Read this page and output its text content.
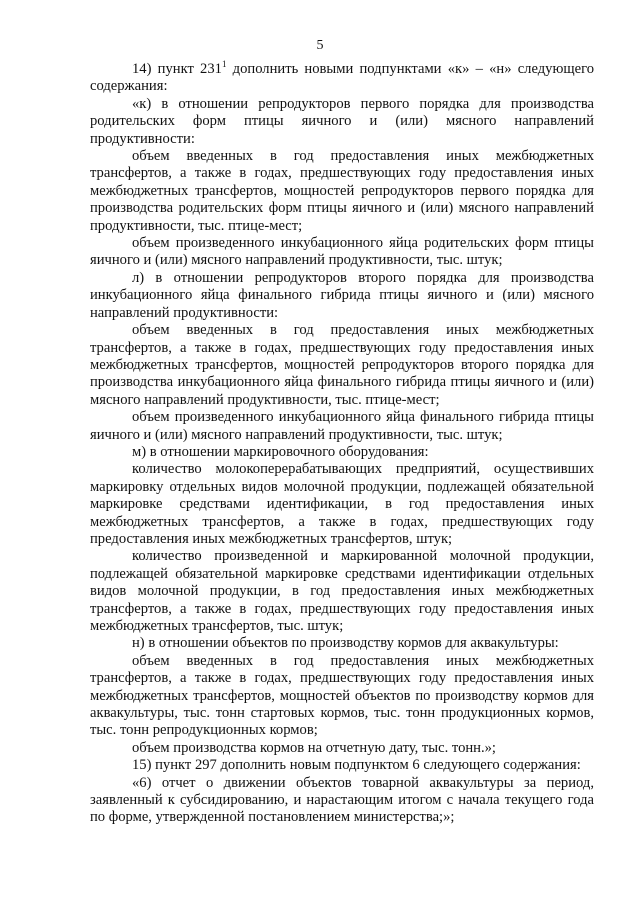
5

14) пункт $231^1$ дополнить новыми подпунктами «к» – «н» следующего содержания:

«к) в отношении репродукторов первого порядка для производства родительских форм птицы яичного и (или) мясного направлений продуктивности:

объем введенных в год предоставления иных межбюджетных трансфертов, а также в годах, предшествующих году предоставления иных межбюджетных трансфертов, мощностей репродукторов первого порядка для производства родительских форм птицы яичного и (или) мясного направлений продуктивности, тыс. птице-мест;

объем произведенного инкубационного яйца родительских форм птицы яичного и (или) мясного направлений продуктивности, тыс. штук;

л) в отношении репродукторов второго порядка для производства инкубационного яйца финального гибрида птицы яичного и (или) мясного направлений продуктивности:

объем введенных в год предоставления иных межбюджетных трансфертов, а также в годах, предшествующих году предоставления иных межбюджетных трансфертов, мощностей репродукторов второго порядка для производства инкубационного яйца финального гибрида птицы яичного и (или) мясного направлений продуктивности, тыс. птице-мест;

объем произведенного инкубационного яйца финального гибрида птицы яичного и (или) мясного направлений продуктивности, тыс. штук;

м) в отношении маркировочного оборудования:

количество молокоперерабатывающих предприятий, осуществивших маркировку отдельных видов молочной продукции, подлежащей обязательной маркировке средствами идентификации, в год предоставления иных межбюджетных трансфертов, а также в годах, предшествующих году предоставления иных межбюджетных трансфертов, штук;

количество произведенной и маркированной молочной продукции, подлежащей обязательной маркировке средствами идентификации отдельных видов молочной продукции, в год предоставления иных межбюджетных трансфертов, а также в годах, предшествующих году предоставления иных межбюджетных трансфертов, тыс. штук;

н) в отношении объектов по производству кормов для аквакультуры:

объем введенных в год предоставления иных межбюджетных трансфертов, а также в годах, предшествующих году предоставления иных межбюджетных трансфертов, мощностей объектов по производству кормов для аквакультуры, тыс. тонн стартовых кормов, тыс. тонн продукционных кормов, тыс. тонн репродукционных кормов;

объем производства кормов на отчетную дату, тыс. тонн.»;

15) пункт 297 дополнить новым подпунктом 6 следующего содержания:

«6) отчет о движении объектов товарной аквакультуры за период, заявленный к субсидированию, и нарастающим итогом с начала текущего года по форме, утвержденной постановлением министерства;»;
